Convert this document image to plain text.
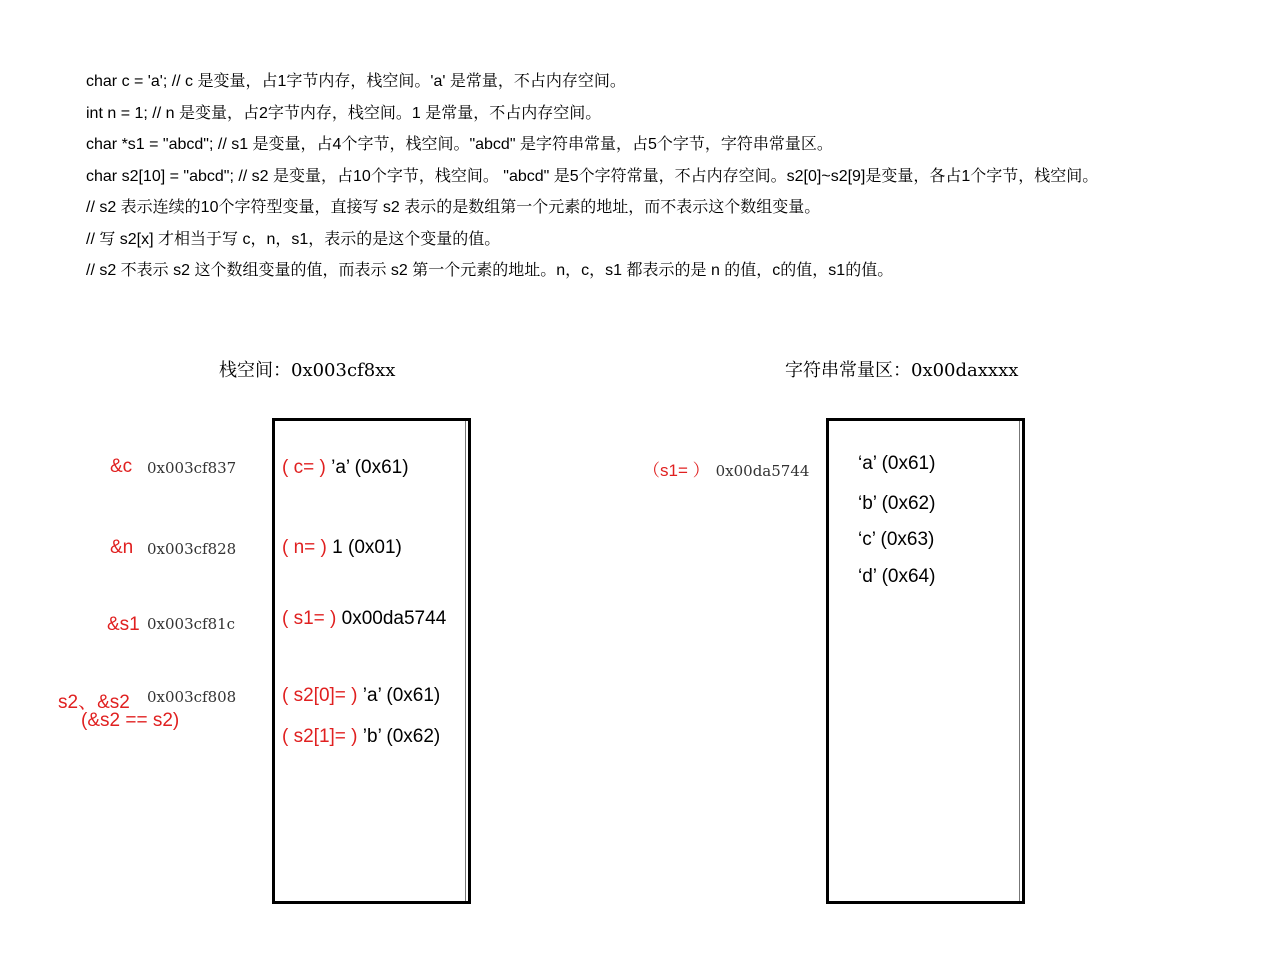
char c = 'a'; // c 是变量，占1字节内存，栈空间。'a' 是常量，不占内存空间。
int n = 1; // n 是变量，占2字节内存，栈空间。1 是常量，不占内存空间。
char *s1 = "abcd"; // s1 是变量，占4个字节，栈空间。"abcd" 是字符串常量，占5个字节，字符串常量区。
char s2[10] = "abcd"; // s2 是变量，占10个字节，栈空间。 "abcd" 是5个字符常量，不占内存空间。s2[0]~s2[9]是变量，各占1个字节，栈空间。
// s2 表示连续的10个字符型变量，直接写 s2 表示的是数组第一个元素的地址，而不表示这个数组变量。
// 写 s2[x] 才相当于写 c，n，s1，表示的是这个变量的值。
// s2 不表示 s2 这个数组变量的值，而表示 s2 第一个元素的地址。n，c，s1 都表示的是 n 的值，c的值，s1的值。
栈空间：0x003cf8xx
&c 0x003cf837 ( c= ) ’a’ (0x61)
&n 0x003cf828 ( n= ) 1 (0x01)
&s1 0x003cf81c ( s1= ) 0x00da5744
s2、&s2
(&s2 == s2)
0x003cf808 ( s2[0]= ) ’a’ (0x61)
( s2[1]= ) ’b’ (0x62)
字符串常量区：0x00daxxxx
（s1= ） 0x00da5744	‘a’ (0x61)
‘b’ (0x62)
‘c’ (0x63)
‘d’ (0x64)
